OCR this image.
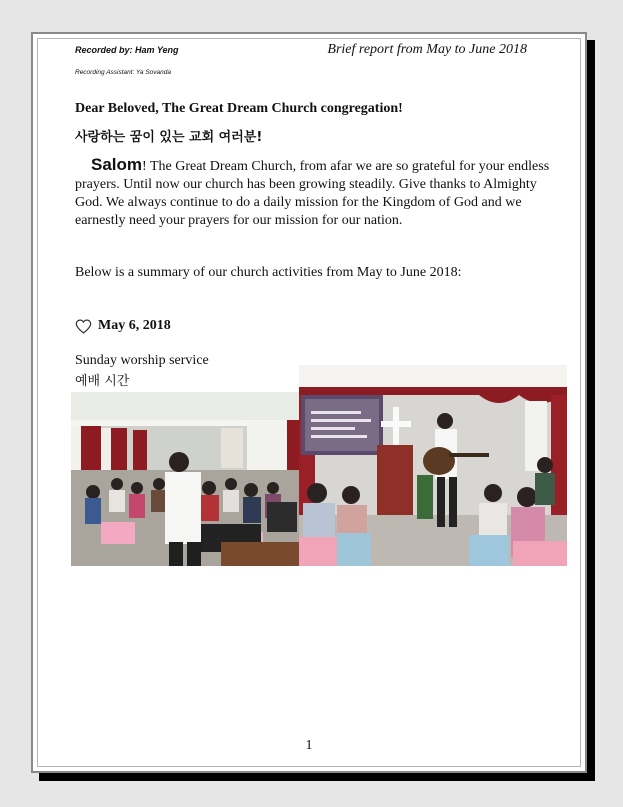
Recorded by: Ham Yeng
Recording Assistant: Ya Sovanda
Brief report from May to June 2018
Dear Beloved, The Great Dream Church congregation!
사랑하는 꿈이 있는 교회 여러분!

Salom! The Great Dream Church, from afar we are so grateful for your endless prayers. Until now our church has been growing steadily. Give thanks to Almighty God. We always continue to do a daily mission for the Kingdom of God and we earnestly need your prayers for our mission for our nation.

Below is a summary of our church activities from May to June 2018:
May 6, 2018
Sunday worship service
예배 시간
1
